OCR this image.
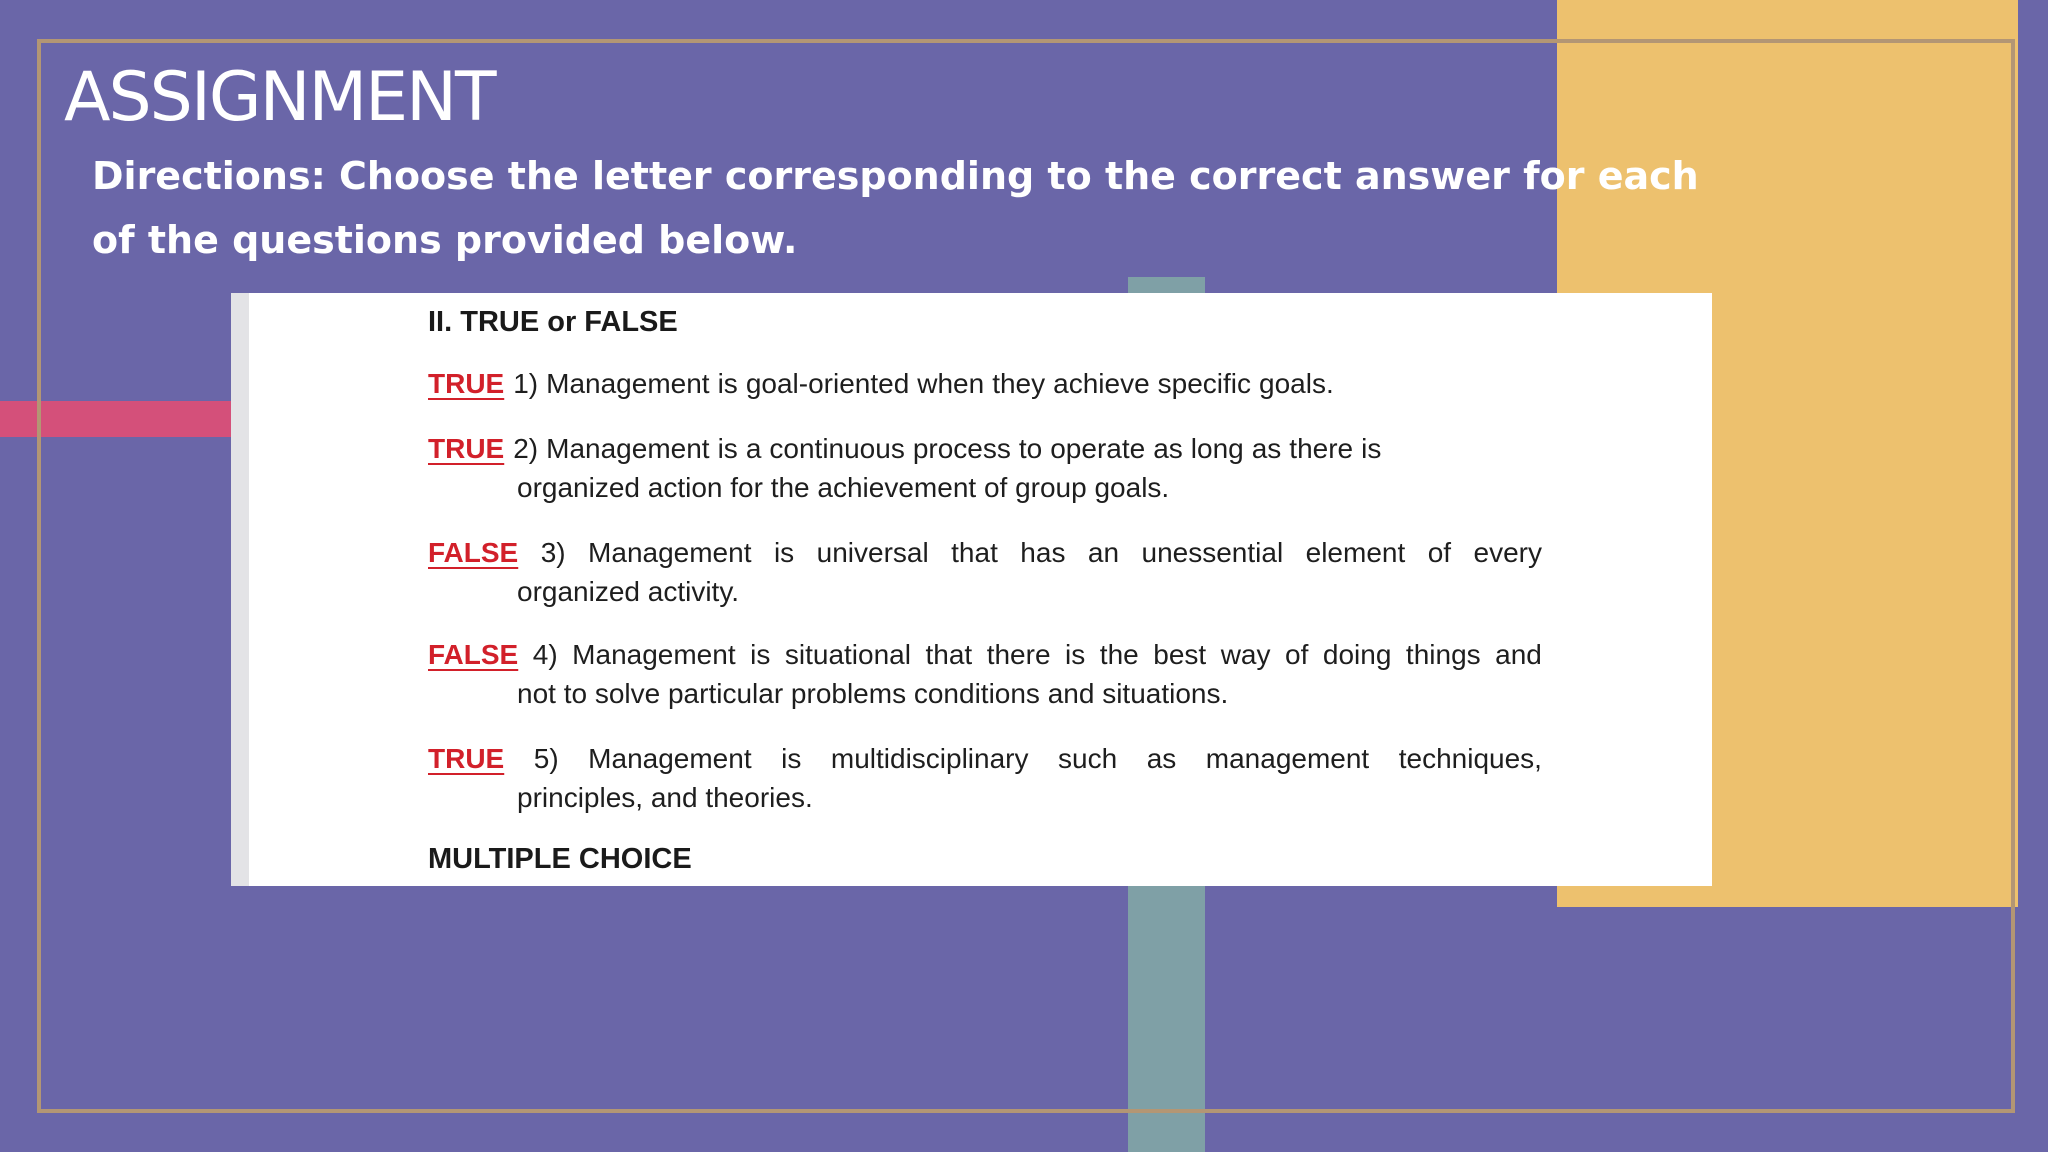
ASSIGNMENT

Directions: Choose the letter corresponding to the correct answer for each of the questions provided below.

II. TRUE or FALSE

TRUE 1) Management is goal-oriented when they achieve specific goals.
TRUE 2) Management is a continuous process to operate as long as there is
organized action for the achievement of group goals.
FALSE 3) Management is universal that has an unessential element of every
organized activity.
FALSE 4) Management is situational that there is the best way of doing things and
not to solve particular problems conditions and situations.
TRUE 5) Management is multidisciplinary such as management techniques,
principles, and theories.

MULTIPLE CHOICE
